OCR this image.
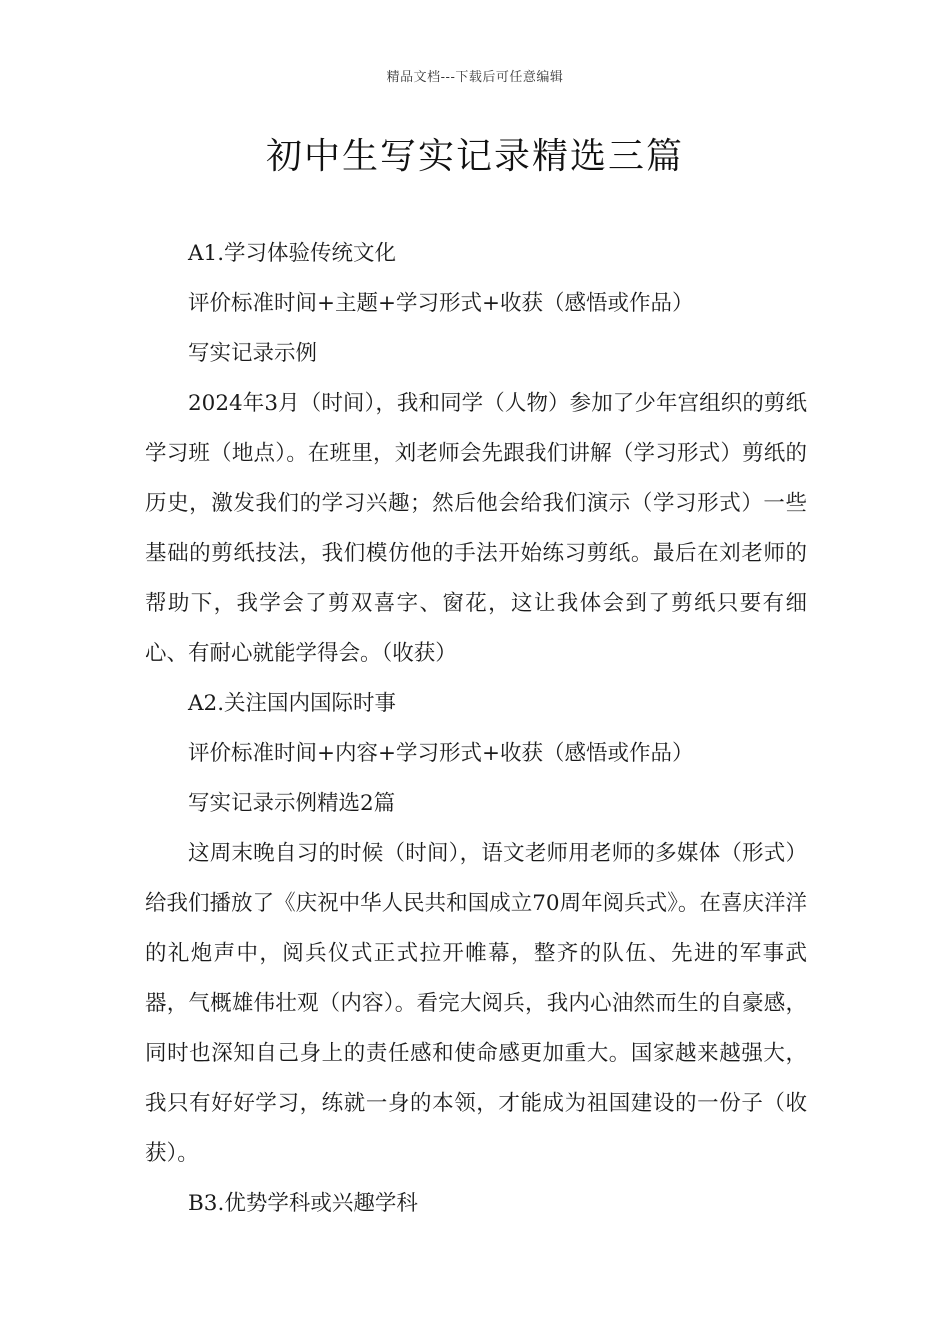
精品文档---下载后可任意编辑
初中生写实记录精选三篇

A1.学习体验传统文化

评价标准时间+主题+学习形式+收获（感悟或作品）

写实记录示例

2024年3月（时间），我和同学（人物）参加了少年宫组织的剪纸学习班（地点）。在班里，刘老师会先跟我们讲解（学习形式）剪纸的历史，激发我们的学习兴趣；然后他会给我们演示（学习形式）一些基础的剪纸技法，我们模仿他的手法开始练习剪纸。最后在刘老师的帮助下，我学会了剪双喜字、窗花，这让我体会到了剪纸只要有细心、有耐心就能学得会。（收获）

A2.关注国内国际时事

评价标准时间+内容+学习形式+收获（感悟或作品）

写实记录示例精选2篇

这周末晚自习的时候（时间），语文老师用老师的多媒体（形式）给我们播放了《庆祝中华人民共和国成立70周年阅兵式》。在喜庆洋洋的礼炮声中，阅兵仪式正式拉开帷幕，整齐的队伍、先进的军事武器，气概雄伟壮观（内容）。看完大阅兵，我内心油然而生的自豪感，同时也深知自己身上的责任感和使命感更加重大。国家越来越强大，我只有好好学习，练就一身的本领，才能成为祖国建设的一份子（收获）。

B3.优势学科或兴趣学科
